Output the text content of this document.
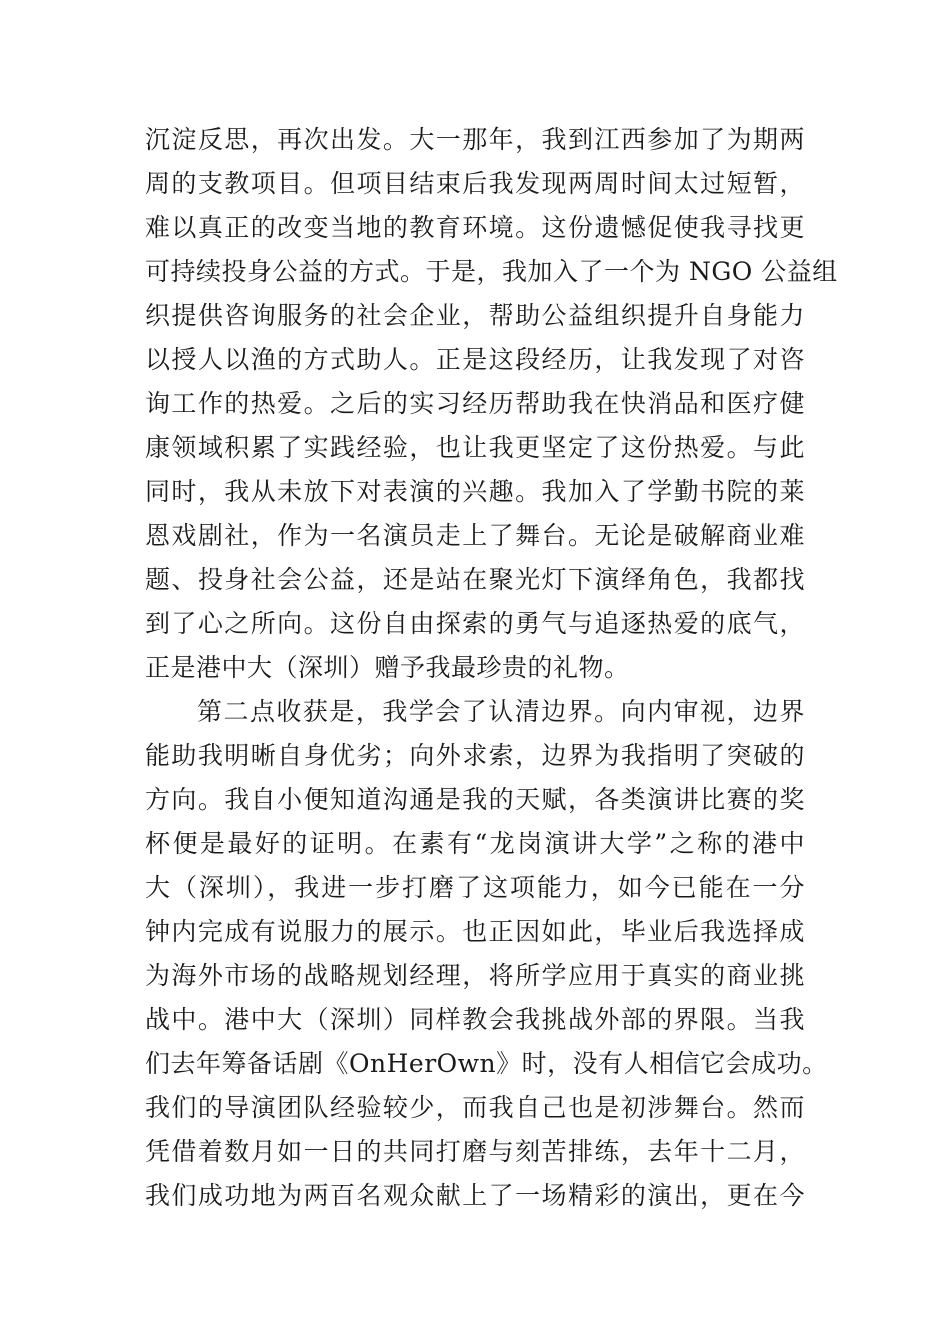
沉淀反思，再次出发。大一那年，我到江西参加了为期两
周的支教项目。但项目结束后我发现两周时间太过短暂，
难以真正的改变当地的教育环境。这份遗憾促使我寻找更
可持续投身公益的方式。于是，我加入了一个为 NGO 公益组
织提供咨询服务的社会企业，帮助公益组织提升自身能力
以授人以渔的方式助人。正是这段经历，让我发现了对咨
询工作的热爱。之后的实习经历帮助我在快消品和医疗健
康领域积累了实践经验，也让我更坚定了这份热爱。与此
同时，我从未放下对表演的兴趣。我加入了学勤书院的莱
恩戏剧社，作为一名演员走上了舞台。无论是破解商业难
题、投身社会公益，还是站在聚光灯下演绎角色，我都找
到了心之所向。这份自由探索的勇气与追逐热爱的底气，
正是港中大（深圳）赠予我最珍贵的礼物。
第二点收获是，我学会了认清边界。向内审视，边界
能助我明晰自身优劣；向外求索，边界为我指明了突破的
方向。我自小便知道沟通是我的天赋，各类演讲比赛的奖
杯便是最好的证明。在素有“龙岗演讲大学”之称的港中
大（深圳），我进一步打磨了这项能力，如今已能在一分
钟内完成有说服力的展示。也正因如此，毕业后我选择成
为海外市场的战略规划经理，将所学应用于真实的商业挑
战中。港中大（深圳）同样教会我挑战外部的界限。当我
们去年筹备话剧《OnHerOwn》时，没有人相信它会成功。
我们的导演团队经验较少，而我自己也是初涉舞台。然而
凭借着数月如一日的共同打磨与刻苦排练，去年十二月，
我们成功地为两百名观众献上了一场精彩的演出，更在今
